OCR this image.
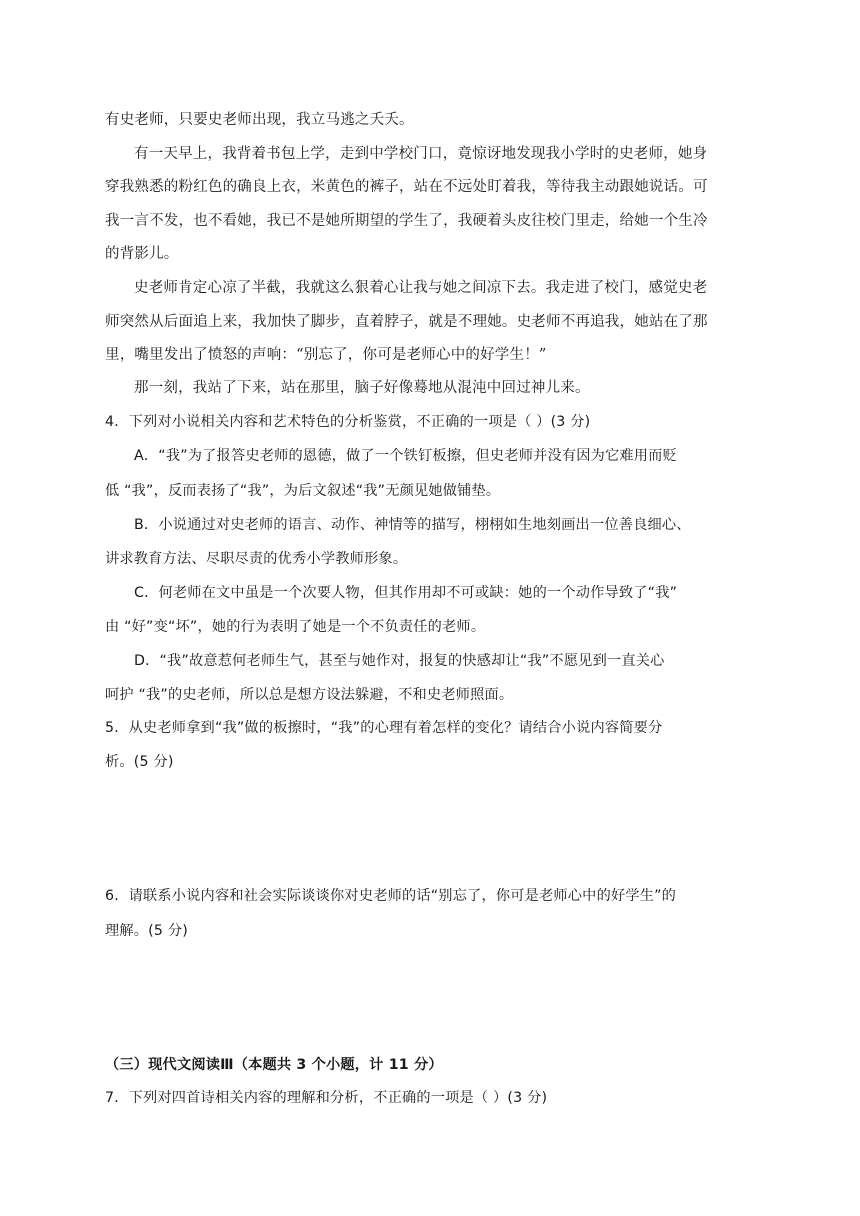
有史老师，只要史老师出现，我立马逃之夭夭。
有一天早上，我背着书包上学，走到中学校门口，竟惊讶地发现我小学时的史老师，她身
穿我熟悉的粉红色的确良上衣，米黄色的裤子，站在不远处盯着我，等待我主动跟她说话。可
我一言不发，也不看她，我已不是她所期望的学生了，我硬着头皮往校门里走，给她一个生冷
的背影儿。
史老师肯定心凉了半截，我就这么狠着心让我与她之间凉下去。我走进了校门，感觉史老
师突然从后面追上来，我加快了脚步，直着脖子，就是不理她。史老师不再追我，她站在了那
里，嘴里发出了愤怒的声响：“别忘了，你可是老师心中的好学生！”
那一刻，我站了下来，站在那里，脑子好像蓦地从混沌中回过神儿来。
4．下列对小说相关内容和艺术特色的分析鉴赏，不正确的一项是（ ）(3 分)
A．“我”为了报答史老师的恩德，做了一个铁钉板擦，但史老师并没有因为它难用而贬
低 “我”，反而表扬了“我”，为后文叙述“我”无颜见她做铺垫。
B．小说通过对史老师的语言、动作、神情等的描写，栩栩如生地刻画出一位善良细心、
讲求教育方法、尽职尽责的优秀小学教师形象。
C．何老师在文中虽是一个次要人物，但其作用却不可或缺：她的一个动作导致了“我”
由 “好”变“坏”，她的行为表明了她是一个不负责任的老师。
D．“我”故意惹何老师生气，甚至与她作对，报复的快感却让“我”不愿见到一直关心
呵护 “我”的史老师，所以总是想方设法躲避，不和史老师照面。
5．从史老师拿到“我”做的板擦时，“我”的心理有着怎样的变化？请结合小说内容简要分
析。(5 分)
6．请联系小说内容和社会实际谈谈你对史老师的话“别忘了，你可是老师心中的好学生”的
理解。(5 分)
（三）现代文阅读Ⅲ（本题共 3 个小题，计 11 分）
7．下列对四首诗相关内容的理解和分析，不正确的一项是（ ）(3 分)
